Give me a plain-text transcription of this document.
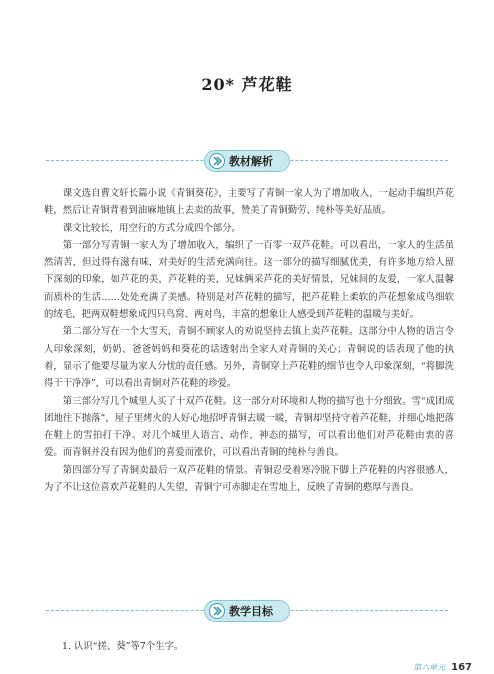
20* 芦花鞋
教材解析

课文选自曹文轩长篇小说《青铜葵花》，主要写了青铜一家人为了增加收入，一起动手编织芦花鞋，然后让青铜背着到油麻地镇上去卖的故事，赞美了青铜勤劳、纯朴等美好品质。

课文比较长，用空行的方式分成四个部分。

第一部分写青铜一家人为了增加收入，编织了一百零一双芦花鞋。可以看出，一家人的生活虽然清苦，但过得有滋有味，对美好的生活充满向往。这一部分的描写细腻优美，有许多地方给人留下深刻的印象，如芦花的美，芦花鞋的美，兄妹俩采芦花的美好情景，兄妹间的友爱，一家人温馨而质朴的生活……处处充满了美感。特别是对芦花鞋的描写，把芦花鞋上柔软的芦花想象成鸟细软的绒毛，把两双鞋想象成四只鸟窝、两对鸟，丰富的想象让人感受到芦花鞋的温暖与美好。

第二部分写在一个大雪天，青铜不顾家人的劝说坚持去镇上卖芦花鞋。这部分中人物的语言令人印象深刻，奶奶、爸爸妈妈和葵花的话透射出全家人对青铜的关心；青铜说的话表现了他的执着，显示了他要尽量为家人分忧的责任感。另外，青铜穿上芦花鞋的细节也令人印象深刻，“将脚洗得干干净净”，可以看出青铜对芦花鞋的珍爱。

第三部分写几个城里人买了十双芦花鞋。这一部分对环境和人物的描写也十分细致。雪“成团成团地往下抛落”，屋子里烤火的人好心地招呼青铜去暖一暖，青铜却坚持守着芦花鞋，并细心地把落在鞋上的雪拍打干净。对几个城里人语言、动作、神态的描写，可以看出他们对芦花鞋由衷的喜爱。而青铜并没有因为他们的喜爱而涨价，可以看出青铜的纯朴与善良。

第四部分写了青铜卖最后一双芦花鞋的情景。青铜忍受着寒冷脱下脚上芦花鞋的内容很感人，为了不让这位喜欢芦花鞋的人失望，青铜宁可赤脚走在雪地上，反映了青铜的憨厚与善良。

教学目标
1. 认识“搓、葵”等7个生字。
第六单元 167
